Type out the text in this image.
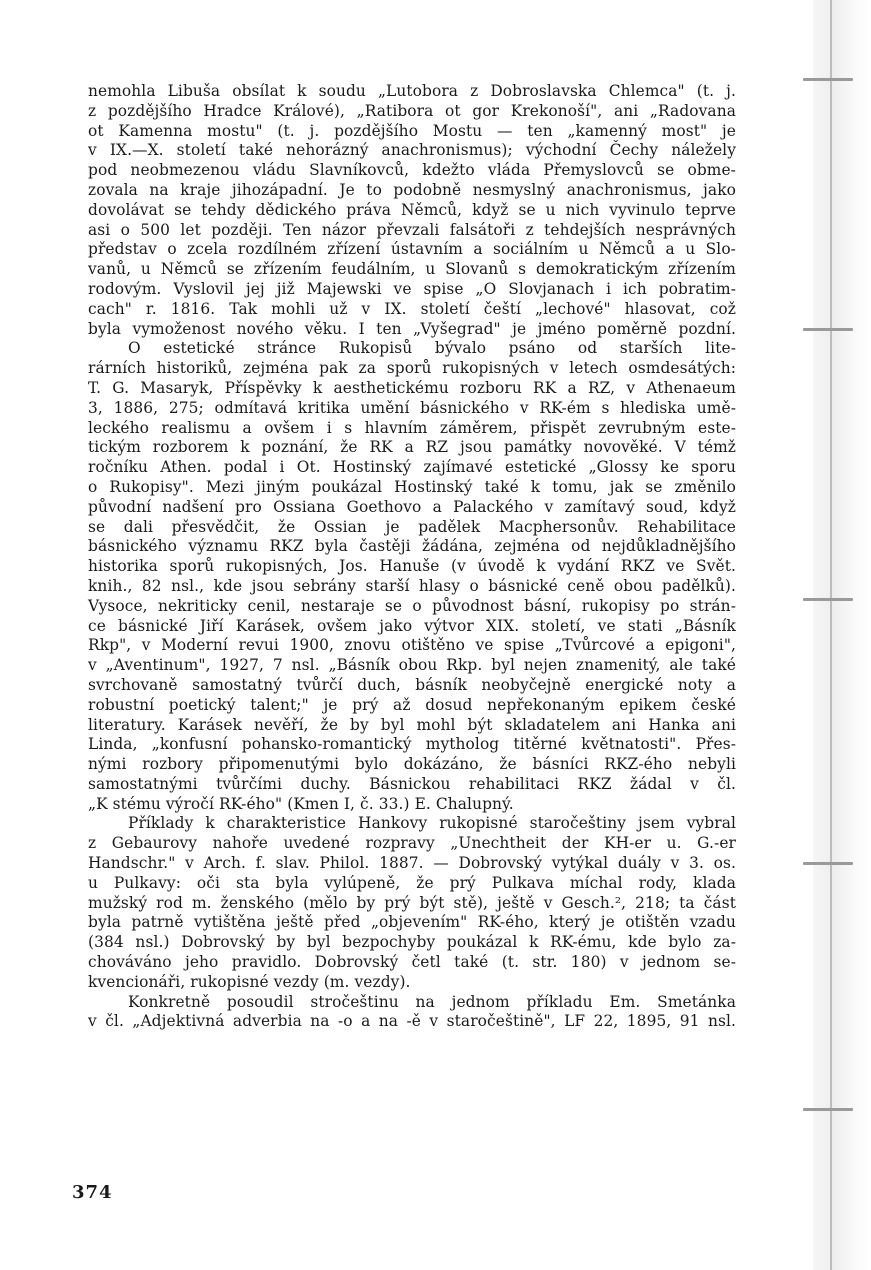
nemohla Libuša obsílat k soudu „Lutobora z Dobroslavska Chlemca" (t. j.
z pozdějšího Hradce Králové), „Ratibora ot gor Krekonoší", ani „Radovana
ot Kamenna mostu" (t. j. pozdějšího Mostu — ten „kamenný most" je
v IX.—X. století také nehorázný anachronismus); východní Čechy náležely
pod neobmezenou vládu Slavníkovců, kdežto vláda Přemyslovců se obme-
zovala na kraje jihozápadní. Je to podobně nesmyslný anachronismus, jako
dovolávat se tehdy dědického práva Němců, když se u nich vyvinulo teprve
asi o 500 let později. Ten názor převzali falsátoři z tehdejších nesprávných
představ o zcela rozdílném zřízení ústavním a sociálním u Němců a u Slo-
vanů, u Němců se zřízením feudálním, u Slovanů s demokratickým zřízením
rodovým. Vyslovil jej již Majewski ve spise „O Slovjanach i ich pobratim-
cach" r. 1816. Tak mohli už v IX. století čeští „lechové" hlasovat, což
byla vymoženost nového věku. I ten „Vyšegrad" je jméno poměrně pozdní.
O estetické stránce Rukopisů bývalo psáno od starších lite-
rárních historiků, zejména pak za sporů rukopisných v letech osmdesátých:
T. G. Masaryk, Příspěvky k aesthetickému rozboru RK a RZ, v Athenaeum
3, 1886, 275; odmítavá kritika umění básnického v RK-ém s hlediska umě-
leckého realismu a ovšem i s hlavním záměrem, přispět zevrubným este-
tickým rozborem k poznání, že RK a RZ jsou památky novověké. V témž
ročníku Athen. podal i Ot. Hostinský zajímavé estetické „Glossy ke sporu
o Rukopisy". Mezi jiným poukázal Hostinský také k tomu, jak se změnilo
původní nadšení pro Ossiana Goethovo a Palackého v zamítavý soud, když
se dali přesvědčit, že Ossian je padělek Macphersonův. Rehabilitace
básnického významu RKZ byla častěji žádána, zejména od nejdůkladnějšího
historika sporů rukopisných, Jos. Hanuše (v úvodě k vydání RKZ ve Svět.
knih., 82 nsl., kde jsou sebrány starší hlasy o básnické ceně obou padělků).
Vysoce, nekriticky cenil, nestaraje se o původnost básní, rukopisy po strán-
ce básnické Jiří Karásek, ovšem jako výtvor XIX. století, ve stati „Básník
Rkp", v Moderní revui 1900, znovu otištěno ve spise „Tvůrcové a epigoni",
v „Aventinum", 1927, 7 nsl. „Básník obou Rkp. byl nejen znamenitý, ale také
svrchovaně samostatný tvůrčí duch, básník neobyčejně energické noty a
robustní poetický talent;" je prý až dosud nepřekonaným epikem české
literatury. Karásek nevěří, že by byl mohl být skladatelem ani Hanka ani
Linda, „konfusní pohansko-romantický mytholog titěrné květnatosti". Přes-
nými rozbory připomenutými bylo dokázáno, že básníci RKZ-ého nebyli
samostatnými tvůrčími duchy. Básnickou rehabilitaci RKZ žádal v čl.
„K stému výročí RK-ého" (Kmen I, č. 33.) E. Chalupný.
Příklady k charakteristice Hankovy rukopisné staročeštiny jsem vybral
z Gebaurovy nahoře uvedené rozpravy „Unechtheit der KH-er u. G.-er
Handschr." v Arch. f. slav. Philol. 1887. — Dobrovský vytýkal duály v 3. os.
u Pulkavy: oči sta byla vylúpeně, že prý Pulkava míchal rody, klada
mužský rod m. ženského (mělo by prý být stě), ještě v Gesch.², 218; ta část
byla patrně vytištěna ještě před „objevením" RK-ého, který je otištěn vzadu
(384 nsl.) Dobrovský by byl bezpochyby poukázal k RK-ému, kde bylo za-
chováváno jeho pravidlo. Dobrovský četl také (t. str. 180) v jednom se-
kvencionáři, rukopisné vezdy (m. vezdy).
Konkretně posoudil stročeštinu na jednom příkladu Em. Smetánka
v čl. „Adjektivná adverbia na -o a na -ě v staročeštině", LF 22, 1895, 91 nsl.
374
